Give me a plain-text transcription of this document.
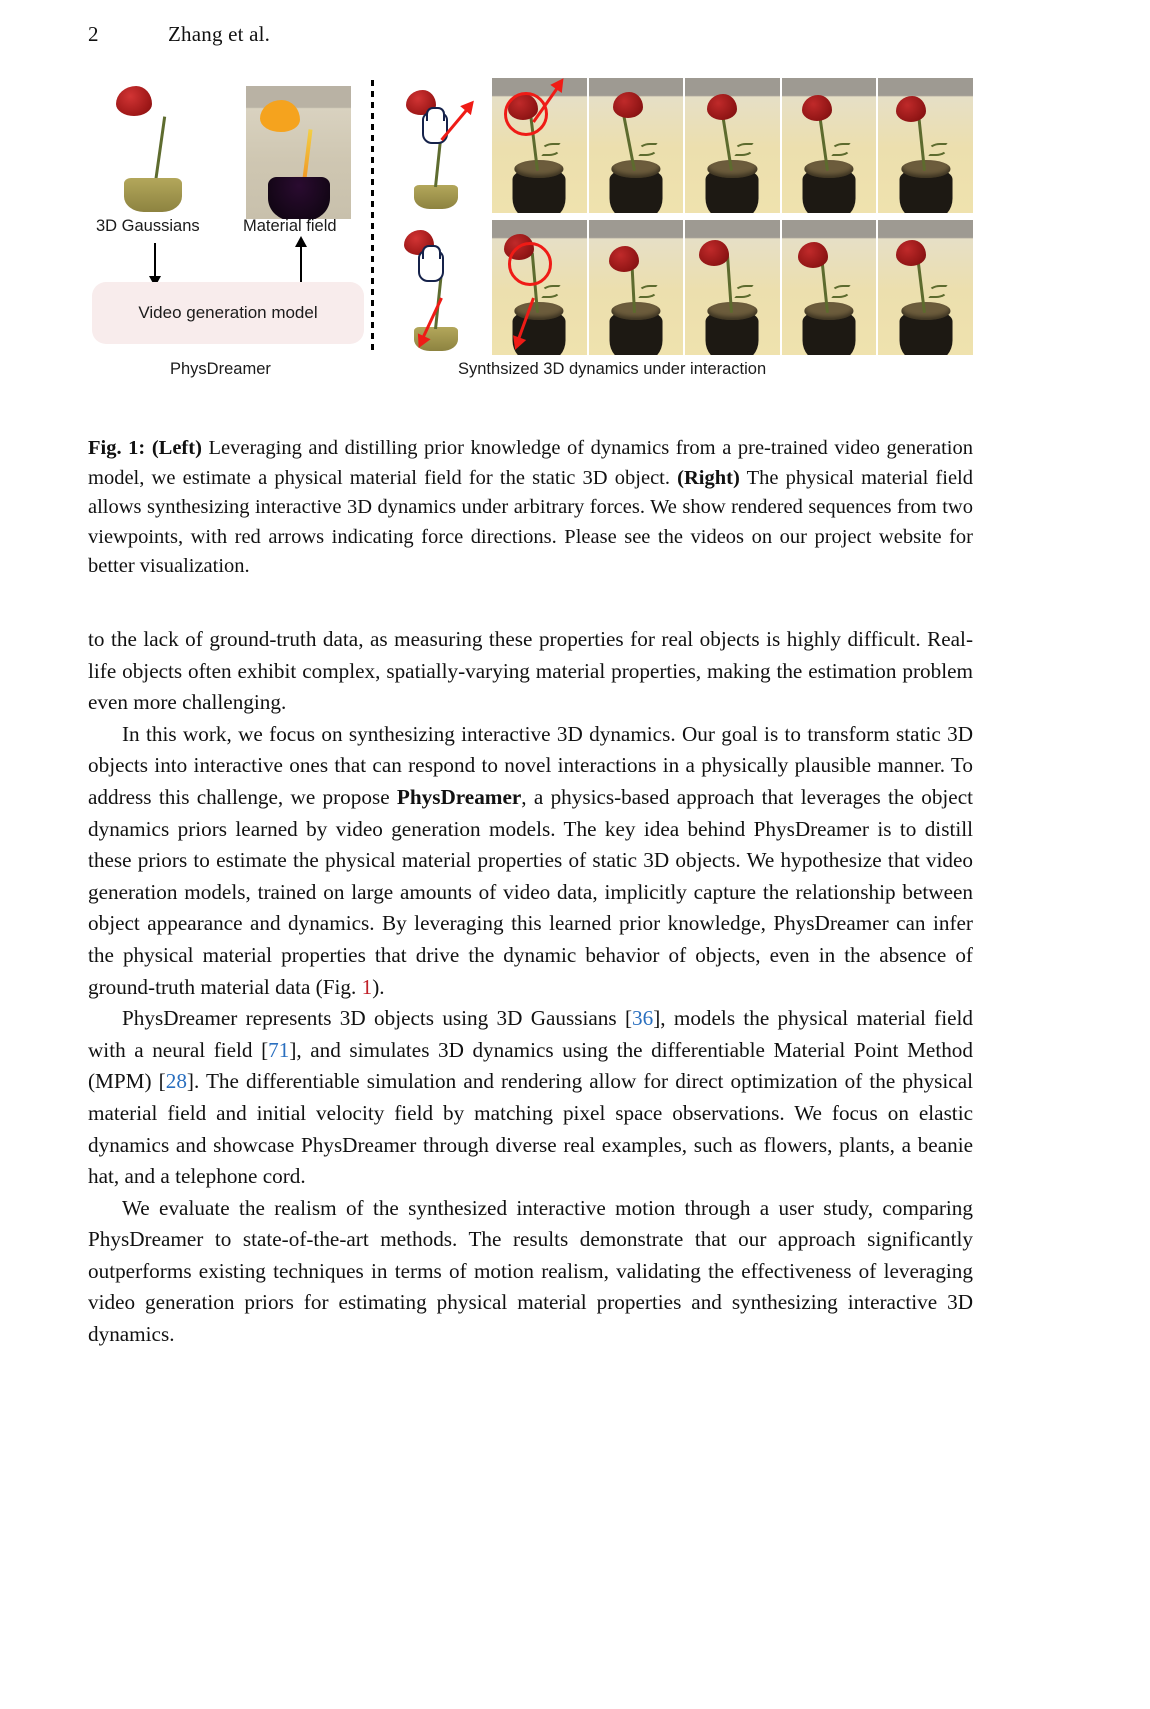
2	Zhang et al.
3D Gaussians	Material field
Video generation model
PhysDreamer	Synthsized 3D dynamics under interaction
Fig. 1: (Left) Leveraging and distilling prior knowledge of dynamics from a pre-trained video generation model, we estimate a physical material field for the static 3D object. (Right) The physical material field allows synthesizing interactive 3D dynamics under arbitrary forces. We show rendered sequences from two viewpoints, with red arrows indicating force directions. Please see the videos on our project website for better visualization.

to the lack of ground-truth data, as measuring these properties for real objects is highly difficult. Real-life objects often exhibit complex, spatially-varying material properties, making the estimation problem even more challenging.

In this work, we focus on synthesizing interactive 3D dynamics. Our goal is to transform static 3D objects into interactive ones that can respond to novel interactions in a physically plausible manner. To address this challenge, we propose PhysDreamer, a physics-based approach that leverages the object dynamics priors learned by video generation models. The key idea behind PhysDreamer is to distill these priors to estimate the physical material properties of static 3D objects. We hypothesize that video generation models, trained on large amounts of video data, implicitly capture the relationship between object appearance and dynamics. By leveraging this learned prior knowledge, PhysDreamer can infer the physical material properties that drive the dynamic behavior of objects, even in the absence of ground-truth material data (Fig. 1).

PhysDreamer represents 3D objects using 3D Gaussians [36], models the physical material field with a neural field [71], and simulates 3D dynamics using the differentiable Material Point Method (MPM) [28]. The differentiable simulation and rendering allow for direct optimization of the physical material field and initial velocity field by matching pixel space observations. We focus on elastic dynamics and showcase PhysDreamer through diverse real examples, such as flowers, plants, a beanie hat, and a telephone cord.

We evaluate the realism of the synthesized interactive motion through a user study, comparing PhysDreamer to state-of-the-art methods. The results demonstrate that our approach significantly outperforms existing techniques in terms of motion realism, validating the effectiveness of leveraging video generation priors for estimating physical material properties and synthesizing interactive 3D dynamics.
